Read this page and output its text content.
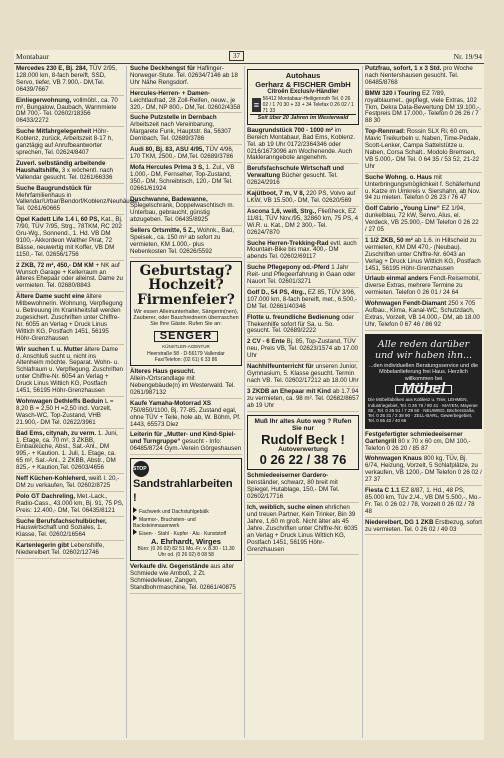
Montabaur	37	Nr. 19/94
Mercedes 230 E, Bj. 284, TÜV 2/95, 128.000 km, 8-fach bereift, SSD, Servo, tiefer, VB 7.900,- DM,Tel. 06439/7667
Einliegerwohnung, vollmöbl., ca. 70 m², Bungalow, Daubach, Warmmiete DM 700,- Tel. 02602/18356 06433/2272
Suche Mitfahrgelegenheit Höhr-Koblenz, zurück, Arbeitszeit 8-17 h, ganztägig auf Anrufbeantworter sprechen, Tel. 02624/8407
Zuverl. selbständig arbeitende Haushaltshilfe, 3 x wöchentl. nach Vallendar gesucht. Tel. 0261/66336
Suche Baugrundstück für Mehrfamilienhaus in Vallendar/Urbar/Bendorf/Koblenz/Neuhäusel, Tel. 0261/60665
Opel Kadett Life 1.4 i, 60 PS, Kat., Bj. 7/90, TÜV 7/95, Strg., 78TKM, RC 202 Gru-Wg., Sonnend., 1. Hd. VB DM 9100,- Akkordeon Walther Pirat, 72 Bässe, neuwertig mit Koffer, VB DM 1150,- Tel. 02656/1756
2 ZKB, 72 m², 450,- DM KM + NK auf Wunsch Garage + Kellerraum an älteres Ehepaar oder alleinst. Dame zu vermieten. Tel. 02680/8843
Ältere Dame sucht eine ältere Mitbewohnerin. Wohnung, Verpflegung u. Betreuung im Krankheitsfall werden zugesichert. Zuschriften unter Chiffre-Nr. 6055 an Verlag + Druck Linus Wittich KG, Postfach 1451, 56195 Höhr-Grenzhausen
Wir suchen f. u. Mutter ältere Dame d. Anschluß sucht u. nicht ins Altenheim möchte. Separat. Wohn- u. Schlafraum u. Verpflegung. Zuschriften unter Chiffre-Nr. 6054 an Verlag + Druck Linus Wittich KG, Postfach 1451, 56195 Höhr-Grenzhausen
Wohnwagen Dethleffs Beduin L = 8,20 B = 2,50 H =2,50 incl. Vorzelt, Wasch-WC, Top-Zustand, VHB 21.900,- DM Tel. 02622/3961
Bad Ems, citynah, zu verm. 1. Juni, 1. Etage, ca. 70 m², 3 ZKBB, Einbauküche, Abst., Sat.-Anl., DM 995,- + Kaution. 1. Juli, 1. Etage, ca. 65 m², Sat.-Anl., 2 ZKBB, Abstr., DM 825,- + Kaution,Tel. 02603/4656
Neff Küchen-Kohleherd, weiß I. 20,- DM zu verkaufen, Tel. 02602/8725
Polo GT Dachreling, Met.-Lack., Radio-Cass., 43.000 km, Bj. 91, 75 PS, Preis: 12.400,- DM, Tel. 06435/8121
Suche Berufsfachschulbücher, Hauswirtschaft und Soziales, 1. Klasse, Tel. 02602/16564
Kartenlegerin gibt Lebenshilfe, Niederelbert Tel. 02602/12746
Suche Deckhengst für Haflinger-Norweger-Stute. Tel. 02634/7146 ab 18 Uhr Nähe Rengsdorf.
Hercules-Herren- + Damen- Leichtlaufrad, 28 Zoll-Reifen, neuw., je 320,- DM, NP 800,- DM,Tel. 02602/4358
Suche Putzstelle in Dernbach Arbeitszeit nach Vereinbarung, Margarete Funk, Hauptstr. 8a, 56307 Dernbach, Tel. 02689/3786
Audi 80, Bj. 83, ASU 4/95, TÜV 4/96, 170 TKM, 2500,- DM,Tel. 02689/3786
Mofa Hercules Prima 3 S, 1. Zul., VB 1.000,- DM, Fernseher, Top-Zustand, 350,- DM, Schreibtisch, 120,- DM Tel. 02661/61924
Duschwanne, Badewanne, Spiegelschrank, Doppelwaschtisch m. Unterbau, gebraucht, günstig abzugeben. Tel. 06435/8925
Sellers Ortsmitte, 5 Z., Wohnk., Bad, Speisek., ca. 150 m² ab sofort zu vermieten, KM 1.000,- plus Nebenkosten Tel. 02626/5592
Geburtstag? Hochzeit? Firmenfeier?
Wir essen Alleinunterhalter, Sängerin(nen), Zauberer, oder Bauchrednerin überraschen Sie Ihre Gäste. Rufen Sie an:
SENGER
KÜNSTLER-AGENTUR
Heerstraße 58 · D-56179 Vallendar Fax/Telefon: (02 61) 6 33 86
Älteres Haus gesucht. Allein-/Ortsrandlage mit Nebengebäude(n) im Westerwald. Tel. 0261/987132
Kaufe Yamaha-Motorrad XS 750/850/1100, Bj. 77-85, Zustand egal, ohne TÜV + Teile, hole ab, W. Böhm, Pf. 1443, 65573 Diez
Leiterin für „Mutter- und Kind-Spiel- und Turngruppe“ gesucht - Info: 06485/8724 Gym.-Verein Görgeshausen
STOP Sandstrahlarbeiten !
Fachwerk und Dachstuhlgebälk
Marmor-, Bruchstein- und Backsteinmauerwerk
Eisen- · Stahl · Kupfer · Alu · Kunststoff
A. Ehrhardt, Wirges
Büro: (0 26 02) 82 51 Mo.-Fr. v. 8.30 - 11.30 Uhr od. (0 26 02) 8 08 58
Verkaufe div. Gegenstände aus alter Schmiede wie Amboß, 2 Zt. Schmiedefeuer, Zangen, Standbohrmaschine, Tel. 02661/40875
Autohaus
Gerharz & FISCHER GmbH
Citroën Exclusiv-Händler
≡
56412 Montabaur-Heiligenroth Tel. 0 26 02 / 1 70 30 + 33 + 34 Telefax 0 26 02 / 1 71 33
Seit über 20 Jahren im Westerwald
Baugrundstück 700 - 1000 m² im Bereich Montabaur, Bad Ems, Koblenz. Tel. ab 19 Uhr 0172/2364346 oder 0216/1673096 am Wochenende. Auch Makleranngebote angenehm.
Berufsfachschule Wirtschaft und Verwaltung Bücher gesucht. Tel. 02624/2916
Kajütboot, 7 m, V 8, 220 PS, Volvo auf LKW, VB 15.500,- DM, Tel. 02620/569
Ascona 1,6, weiß, Strg., Fließheck, EZ 11/81, TÜV Nov./95, 32860 km, 75 PS, 4 Wi.R. u. Kat., DM 2 300,- Tel. 02624/7870
Suche Herren-Trekking-Rad evtl. auch Mountain-Bike bis max. 400,- DM abends Tel. 02602/69117
Suche Pflegepony od.-Pferd 1 Jahr Reit- und Pflegeerfahrung in Gaan oder Nauort Tel. 02601/3271
Golf D., 54 PS, 4trg., EZ 85, TÜV 3/96, 107.000 km, 8-fach bereift, met., 6.500,- DM Tel. 02661/40346
Flotte u. freundliche Bedienung oder Thekenhilfe sofort für Sa. u. So. gesucht. Tel. 02689/2222
2 CV - 6 Ente Bj. 85, Top-Zustand, TÜV neu, Preis VB, Tel. 02623/1574 ab 17.00 Uhr
Nachhilfeunterricht für unseren Junior, Gymnasium, 5. Klasse gesucht. Termin nach VB. Tel. 02602/17212 ab 18.00 Uhr
3 ZKDB an Ehepaar mit Kind ab 1.7.94 zu vermieten, ca. 98 m². Tel. 02682/8657 ab 19 Uhr
Muß Ihr altes Auto weg ? Rufen Sie nur
Rudolf Beck !
Autoverwertung
0 26 22 / 38 76
Schmiedeeiserner Gardero- benständer, schwarz, 80 breit mit Spiegel, Hutablage, 150,- DM Tel. 02602/17716
Ich, weiblich, suche einen ehrlichen und treuen Partner, Kein Trinker, Bin 39 Jahre, 1,60 m groß. Nicht älter als 45 Jahre. Zuschriften unter Chiffre-Nr. 6035 an Verlag + Druck Linus Wittich KG, Postfach 1451, 56195 Höhr-Grenzhausen
Putzfrau, sofort, 1 x 3 Std. pro Woche nach Nentershausen gesucht. Tel. 06485/8768
BMW 320 i Touring EZ 7/89, royalblaumet., gepflegt, viele Extras, 102 Tkm, Dekra Data-Bewertung DM 19.100,-, Festpreis DM 17.000,- Telefon 0 26 26 / 7 88 30
Top-Rennrad: Rossin SLX Ri; 60 cm, Mavic Treikurbeln u. Naben, Time-Pedale, Scott-Lenker, Campa Sattelstütze u. Naben, Corsa Schalt.. Modolo Bremsen, VB 5.000,- DM Tel. 0 64 35 / 53 52, 21-22 Uhr
Suche Wohng. o. Haus mit Unterbringungsmöglichkeit f. Schäferhund u. Katze im Umkreis v. Siershahn, ab Nov. 94 zu mieten. Telefon 0 26 23 / 76 47
Golf Cabrio „Young Line“ EZ 1/94, dunkelblau, 72 kW, Servo, Alus, el. Verdeck, VB 25.900,- DM Telefon 0 26 22 / 27 05
1 1/2 ZKB, 50 m² ab 1.6. in Hillscheid zu vermieten, KM DM 470,- (Neubau). Zuschriften unter Chiffre-Nr. 6043 an Verlag + Druck Linus Wittich KG, Postfach 1451, 56195 Höhr-Grenzhausen
Urlaub einmal anders Fendt-Reisemobil, diverse Extras, mehrere Termine zu vermieten. Telefon 0 26 01 / 24 64
Wohnwagen Fendt-Diamant 250 x 705 Aufbau., Klima, Kanal-WC, Schutzdach, Extras, Vorzelt, VB 14.000,- DM, ab 18.00 Uhr, Telefon 0 67 46 / 86 92
Alle reden darüber und wir haben ihn...
...den individuellen Beratungsservice und die Möbelanlieferung frei Haus. Herzlich willkommen bei
Möbel
Die Möbelfabriken aus Koblenz u. Trier, LEHMEN, Industriegebiet, Tel. 0 26 76 / 80 41 · MAYEN, Mayener Str., Tel. 0 26 51 / 7 29 50 · NEUWIED, Bücherstraße, Tel. 0 26 31 / 2 38 90 · ZELL-BARL, Gewerbegebiet, Tel. 0 65 42 / 40 66
Festgefertigter schmiedeeiserner Gartengrill 80 x 70 x 60 cm, DM 100,- Telefon 0 26 20 / 85 87
Wohnwagen Knaus 800 kg, TÜv, Bj. 6/74, Heizung, Vorzelt, 5 Schlafplätze, zu verkaufen, VB 1200,- DM Telefon 0 26 02 / 27 37
Fiesta C 1.1 EZ 8/87, 1. Hd., 48 PS, 85.000 km, Tüv 2./4., VB DM 5.500,-, Mo.-Fr. Tel. 0 26 02 / 78, Vorzelt 0 26 02 / 78 48
Niederelbert, DG 1 ZKB Erstbezug, sofort zu vermieten. Tel. 0 26 02 / 49 03
